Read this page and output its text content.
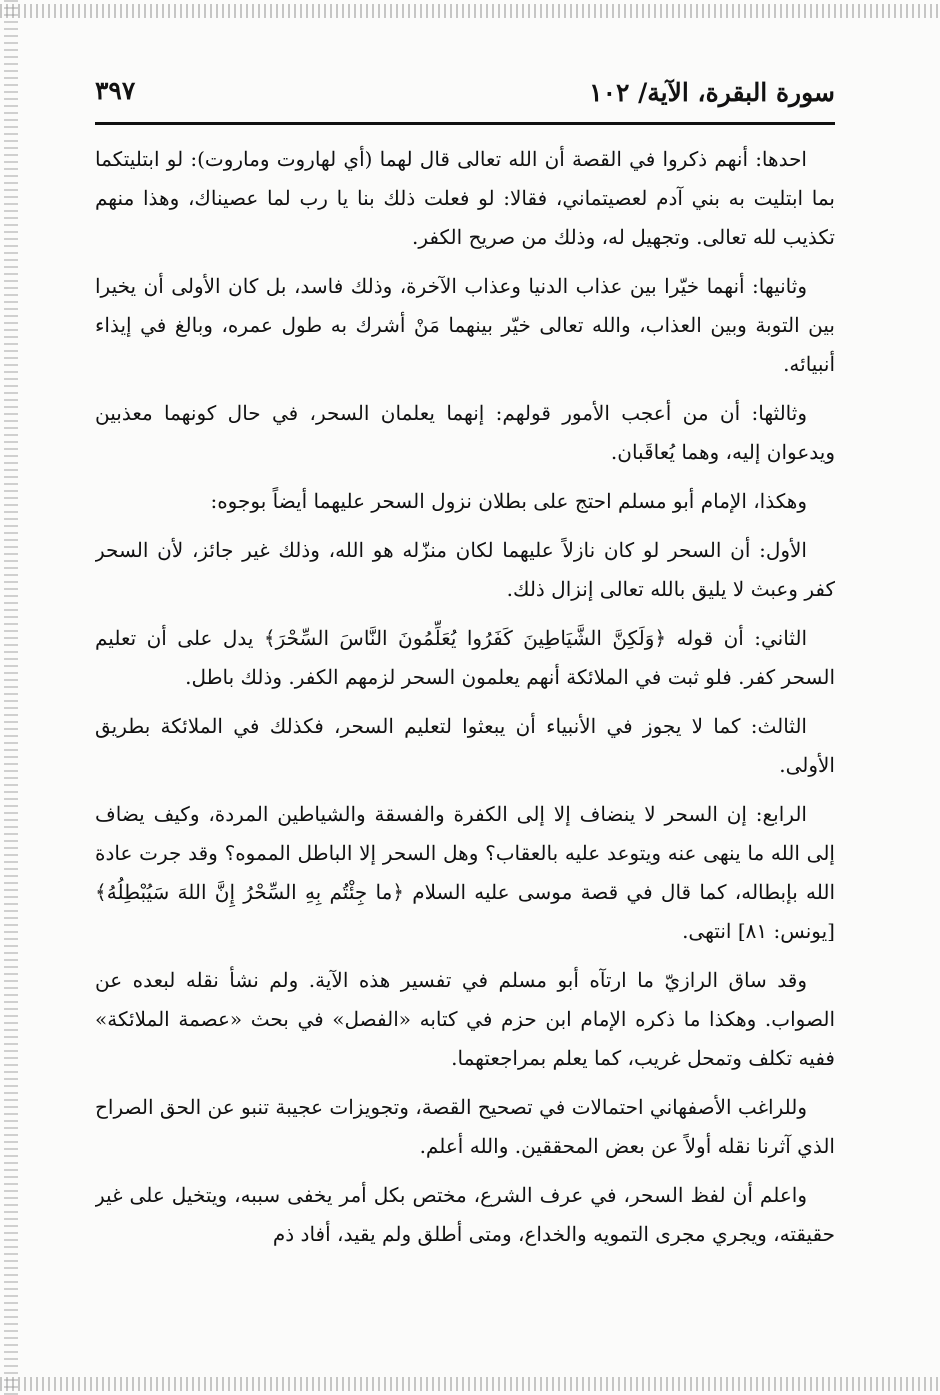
سورة البقرة، الآية/ ١٠٢
٣٩٧

احدها: أنهم ذكروا في القصة أن الله تعالى قال لهما (أي لهاروت وماروت): لو ابتليتكما بما ابتليت به بني آدم لعصيتماني، فقالا: لو فعلت ذلك بنا يا رب لما عصيناك، وهذا منهم تكذيب لله تعالى. وتجهيل له، وذلك من صريح الكفر.

وثانيها: أنهما خيّرا بين عذاب الدنيا وعذاب الآخرة، وذلك فاسد، بل كان الأولى أن يخيرا بين التوبة وبين العذاب، والله تعالى خيّر بينهما مَنْ أشرك به طول عمره، وبالغ في إيذاء أنبيائه.

وثالثها: أن من أعجب الأمور قولهم: إنهما يعلمان السحر، في حال كونهما معذبين ويدعوان إليه، وهما يُعاقَبان.

وهكذا، الإمام أبو مسلم احتج على بطلان نزول السحر عليهما أيضاً بوجوه:

الأول: أن السحر لو كان نازلاً عليهما لكان منزّله هو الله، وذلك غير جائز، لأن السحر كفر وعبث لا يليق بالله تعالى إنزال ذلك.

الثاني: أن قوله ﴿وَلَكِنَّ الشَّيَاطِينَ كَفَرُوا يُعَلِّمُونَ النَّاسَ السِّحْرَ﴾ يدل على أن تعليم السحر كفر. فلو ثبت في الملائكة أنهم يعلمون السحر لزمهم الكفر. وذلك باطل.

الثالث: كما لا يجوز في الأنبياء أن يبعثوا لتعليم السحر، فكذلك في الملائكة بطريق الأولى.

الرابع: إن السحر لا ينضاف إلا إلى الكفرة والفسقة والشياطين المردة، وكيف يضاف إلى الله ما ينهى عنه ويتوعد عليه بالعقاب؟ وهل السحر إلا الباطل المموه؟ وقد جرت عادة الله بإبطاله، كما قال في قصة موسى عليه السلام ﴿ما جِئْتُم بِهِ السِّحْرُ إِنَّ اللهَ سَيُبْطِلُهُ﴾ [يونس: ٨١] انتهى.

وقد ساق الرازيّ ما ارتآه أبو مسلم في تفسير هذه الآية. ولم نشأ نقله لبعده عن الصواب. وهكذا ما ذكره الإمام ابن حزم في كتابه «الفصل» في بحث «عصمة الملائكة» ففيه تكلف وتمحل غريب، كما يعلم بمراجعتهما.

وللراغب الأصفهاني احتمالات في تصحيح القصة، وتجويزات عجيبة تنبو عن الحق الصراح الذي آثرنا نقله أولاً عن بعض المحققين. والله أعلم.

واعلم أن لفظ السحر، في عرف الشرع، مختص بكل أمر يخفى سببه، ويتخيل على غير حقيقته، ويجري مجرى التمويه والخداع، ومتى أطلق ولم يقيد، أفاد ذم
